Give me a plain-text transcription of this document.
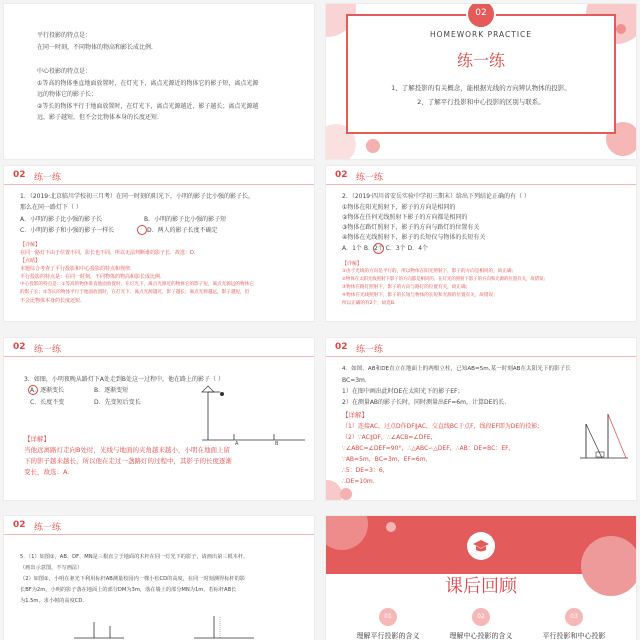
平行投影的特点是：
在同一时刻，不同物体的物高和影长成比例.
中心投影的特点是：
①等高的物体垂直地面放置时，在灯光下，离点光源近的物体它的影子短，离点光源
远的物体它的影子长；
②等长的物体平行于地面放置时，在灯光下，离点光源越近，影子越长；离点光源越
远，影子越短，但不会比物体本身的长度还短.
02
HOMEWORK PRACTICE
练一练
1、了解投影的有关概念，能根据光线的方向辨认物体的投影。
2、了解平行投影和中心投影的区别与联系。
02 练一练
1．（2019·北京临川学校初三月考）在同一时刻的阳光下，小明的影子比小强的影子长，
那么在同一路灯下（ ）
A．小明的影子比小强的影子长	B．小明的影子比小强的影子短
C．小明的影子和小强的影子一样长	D．两人的影子长度不确定
【详解】
在同一路灯下由于位置不同，影长也不同，所以无法判断谁的影子长．故选：D.
【点睛】
本题综合考查了平行投影和中心投影的特点和规律.
平行投影的特点是：在同一时刻，不同物体的物高和影长成比例.
中心投影的特点是：①等高的物体垂直地面放置时，在灯光下，离点光源近的物体它的影子短，离点光源远的物体它
的影子长；②等长的物体平行于地面放置时，在灯光下，离点光源越近，影子越长；离点光源越远，影子越短，但
不会比物体本身的长度还短.
02 练一练
2．（2019·四川省安岳实验中学初三期末）给出下列结论正确的有（ ）
①物体在阳光照射下，影子的方向是相同的
②物体在任何光线照射下影子的方向都是相同的
③物体在路灯照射下，影子的方向与路灯的位置有关
④物体在光线照射下，影子的长短仅与物体的长短有关
A．1个 B．2个 C．3个 D．4个
【详解】
①由于光线的方向是平行的，所以物体在阳光照射下，影子的方向是相同的，故正确；
②物体在太阳光线照射下影子的方向都是相同的，在灯光的照射下影子的方向和光源的位置有关，故错误；
③物体在路灯照射下，影子的方向与路灯的位置有关，故正确；
④物体在光线照射下，影子的长短与物体的长短和光源的位置有关，故错误；
所以正确的有2个，故选B.
02 练一练
3．如图，小明夜晚从路灯下A处走到B处这一过程中，他在路上的影子（ ）
A．逐渐变长	B．逐渐变短
C．长度不变	D．先变短后变长
A	B
【详解】
当他远离路灯走向B处时，光线与地面的夹角越来越小，小明在地面上留
下的影子越来越长，所以他在走过一盏路灯的过程中，其影子的长度逐渐
变长，故选：A.
02 练一练
4．如图，AB和DE直立在地面上的两根立柱，已知AB=5m,某一时刻AB在太阳光下的影子长
BC=3m.
1）在图中画出此时DE在太阳光下的影子EF；
2）在测量AB的影子长时，同时测量出EF=6m，计算DE的长.
【详解】
（1）连接AC，过点D作DF∥AC，交直线BC于点F，线段EF即为DE的投影;
（2）∵AC∥DF，∴∠ACB=∠DFE，
∵∠ABC=∠DEF=90°，∴△ABC∽△DEF，∴AB：DE=BC：EF，
∵AB=5m，BC=3m，EF=6m，
∴5：DE=3：6，
∴DE=10m.
02 练一练
5．（1）如图①，AB、DF、MN是三根直立于地面的木杆在同一灯光下的影子，请画出第三根木杆。
（画出示意图，不写画法）
（2）如图②，小明在驱光下利用标杆AB测量校园内一棵小松CD的高度，在同一时刻测得标杆的影
长BF为2m，小明的影子落在地面上的部分DM为3m，落在墙上的部分MN为1m，若标杆AB长
为1.5m，求小树的高度CD.
课后回顾
01	02	03
理解平行投影的含义	理解中心投影的含义	平行投影和中心投影
